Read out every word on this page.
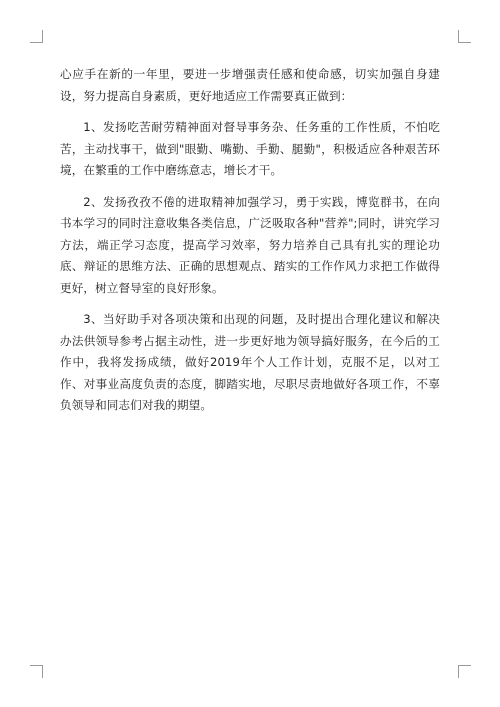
心应手在新的一年里，要进一步增强责任感和使命感，切实加强自身建设，努力提高自身素质，更好地适应工作需要真正做到：

1、发扬吃苦耐劳精神面对督导事务杂、任务重的工作性质，不怕吃苦，主动找事干，做到"眼勤、嘴勤、手勤、腿勤"，积极适应各种艰苦环境，在繁重的工作中磨练意志，增长才干。

2、发扬孜孜不倦的进取精神加强学习，勇于实践，博览群书，在向书本学习的同时注意收集各类信息，广泛吸取各种"营养";同时，讲究学习方法，端正学习态度，提高学习效率，努力培养自己具有扎实的理论功底、辩证的思维方法、正确的思想观点、踏实的工作作风力求把工作做得更好，树立督导室的良好形象。

3、当好助手对各项决策和出现的问题，及时提出合理化建议和解决办法供领导参考占据主动性，进一步更好地为领导搞好服务，在今后的工作中，我将发扬成绩，做好2019年个人工作计划，克服不足，以对工作、对事业高度负责的态度，脚踏实地，尽职尽责地做好各项工作，不辜负领导和同志们对我的期望。
